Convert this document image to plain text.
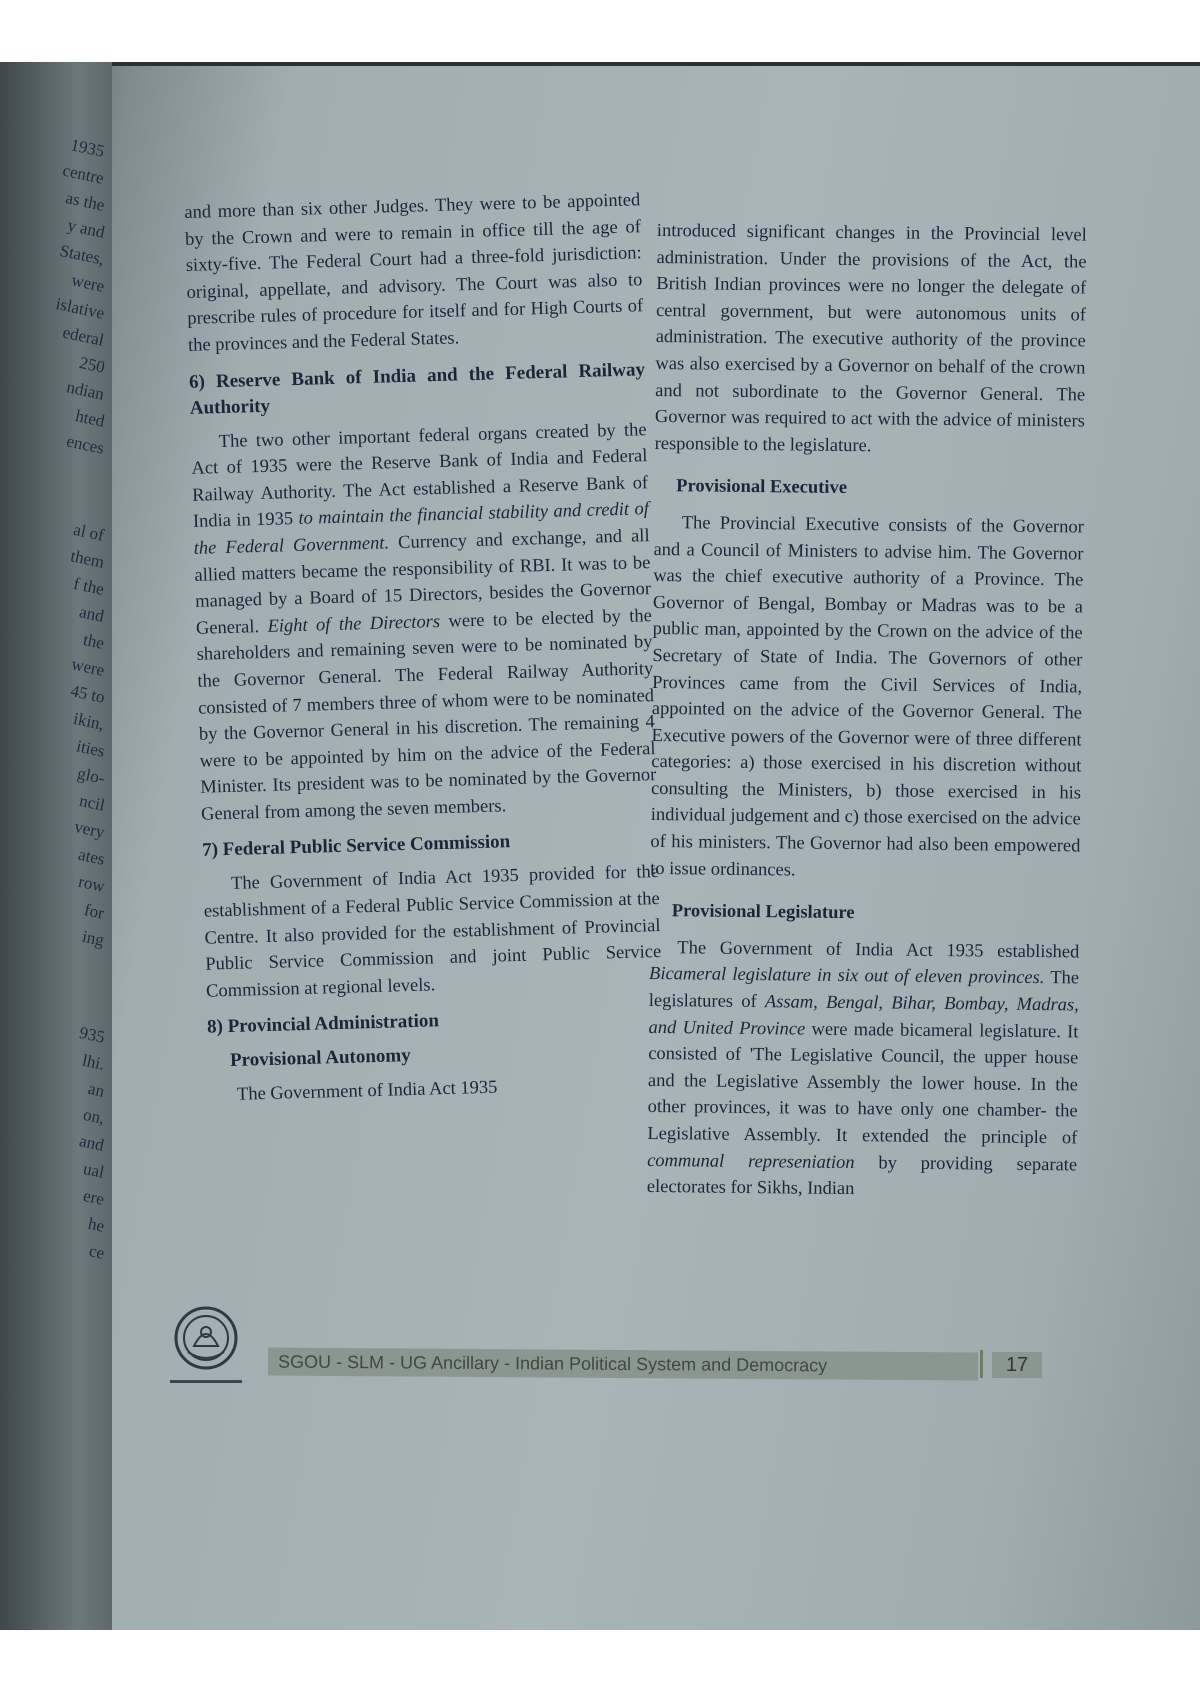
1935
centre
as the
y and
States,
were
islative
ederal
250
ndian
hted
ences
al of
them
f the
and
the
were
45 to
ikin,
ities
glo-
ncil
very
ates
row
for
ing
935
lhi.
an
on,
and
ual
ere
he
ce

and more than six other Judges. They were to be appointed by the Crown and were to remain in office till the age of sixty-five. The Federal Court had a three-fold jurisdiction: original, appellate, and advisory. The Court was also to prescribe rules of procedure for itself and for High Courts of the provinces and the Federal States.

6) Reserve Bank of India and the Federal Railway Authority

The two other important federal organs created by the Act of 1935 were the Reserve Bank of India and Federal Railway Authority. The Act established a Reserve Bank of India in 1935 to maintain the financial stability and credit of the Federal Government. Currency and exchange, and all allied matters became the responsibility of RBI. It was to be managed by a Board of 15 Directors, besides the Governor General. Eight of the Directors were to be elected by the shareholders and remaining seven were to be nominated by the Governor General. The Federal Railway Authority consisted of 7 members three of whom were to be nominated by the Governor General in his discretion. The remaining 4 were to be appointed by him on the advice of the Federal Minister. Its president was to be nominated by the Governor General from among the seven members.

7) Federal Public Service Commission

The Government of India Act 1935 provided for the establishment of a Federal Public Service Commission at the Centre. It also provided for the establishment of Provincial Public Service Commission and joint Public Service Commission at regional levels.

8) Provincial Administration
Provisional Autonomy

The Government of India Act 1935

introduced significant changes in the Provincial level administration. Under the provisions of the Act, the British Indian provinces were no longer the delegate of central government, but were autonomous units of administration. The executive authority of the province was also exercised by a Governor on behalf of the crown and not subordinate to the Governor General. The Governor was required to act with the advice of ministers responsible to the legislature.

Provisional Executive

The Provincial Executive consists of the Governor and a Council of Ministers to advise him. The Governor was the chief executive authority of a Province. The Governor of Bengal, Bombay or Madras was to be a public man, appointed by the Crown on the advice of the Secretary of State of India. The Governors of other Provinces came from the Civil Services of India, appointed on the advice of the Governor General. The Executive powers of the Governor were of three different categories: a) those exercised in his discretion without consulting the Ministers, b) those exercised in his individual judgement and c) those exercised on the advice of his ministers. The Governor had also been empowered to issue ordinances.

Provisional Legislature

The Government of India Act 1935 established Bicameral legislature in six out of eleven provinces. The legislatures of Assam, Bengal, Bihar, Bombay, Madras, and United Province were made bicameral legislature. It consisted of 'The Legislative Council, the upper house and the Legislative Assembly the lower house. In the other provinces, it was to have only one chamber- the Legislative Assembly. It extended the principle of communal represeniation by providing separate electorates for Sikhs, Indian

SGOU - SLM - UG Ancillary - Indian Political System and Democracy	17
